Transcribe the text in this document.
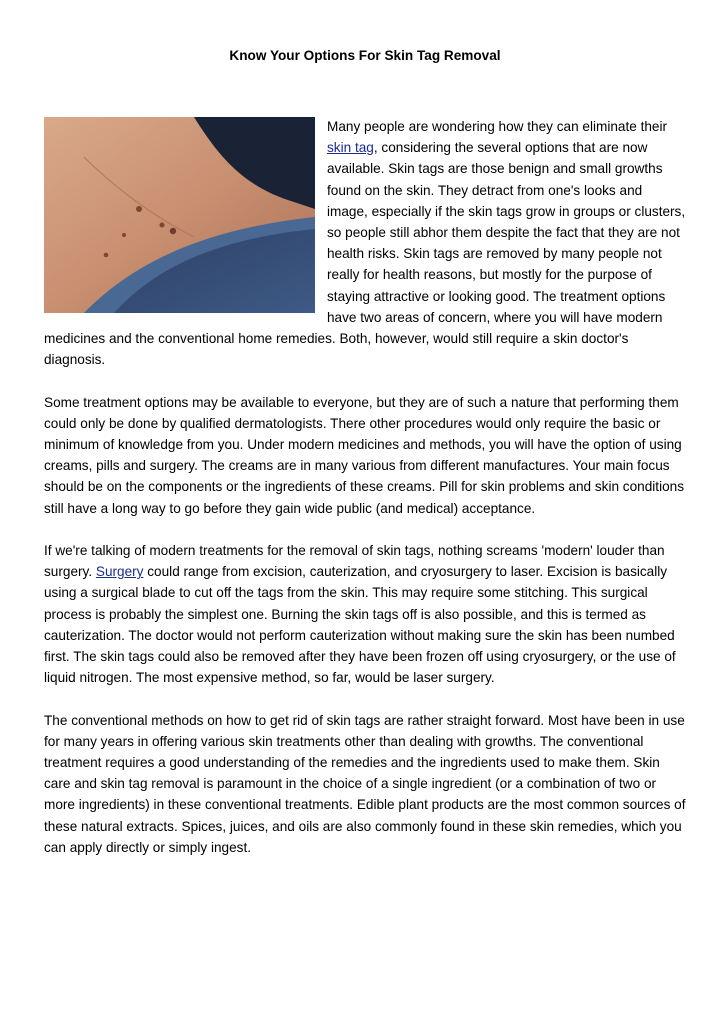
Know Your Options For Skin Tag Removal

Many people are wondering how they can eliminate their skin tag, considering the several options that are now available. Skin tags are those benign and small growths found on the skin. They detract from one's looks and image, especially if the skin tags grow in groups or clusters, so people still abhor them despite the fact that they are not health risks. Skin tags are removed by many people not really for health reasons, but mostly for the purpose of staying attractive or looking good. The treatment options have two areas of concern, where you will have modern medicines and the conventional home remedies. Both, however, would still require a skin doctor's diagnosis.

Some treatment options may be available to everyone, but they are of such a nature that performing them could only be done by qualified dermatologists. There other procedures would only require the basic or minimum of knowledge from you. Under modern medicines and methods, you will have the option of using creams, pills and surgery. The creams are in many various from different manufactures. Your main focus should be on the components or the ingredients of these creams. Pill for skin problems and skin conditions still have a long way to go before they gain wide public (and medical) acceptance.

If we're talking of modern treatments for the removal of skin tags, nothing screams 'modern' louder than surgery. Surgery could range from excision, cauterization, and cryosurgery to laser. Excision is basically using a surgical blade to cut off the tags from the skin. This may require some stitching. This surgical process is probably the simplest one. Burning the skin tags off is also possible, and this is termed as cauterization. The doctor would not perform cauterization without making sure the skin has been numbed first. The skin tags could also be removed after they have been frozen off using cryosurgery, or the use of liquid nitrogen. The most expensive method, so far, would be laser surgery.

The conventional methods on how to get rid of skin tags are rather straight forward. Most have been in use for many years in offering various skin treatments other than dealing with growths. The conventional treatment requires a good understanding of the remedies and the ingredients used to make them. Skin care and skin tag removal is paramount in the choice of a single ingredient (or a combination of two or more ingredients) in these conventional treatments. Edible plant products are the most common sources of these natural extracts. Spices, juices, and oils are also commonly found in these skin remedies, which you can apply directly or simply ingest.
